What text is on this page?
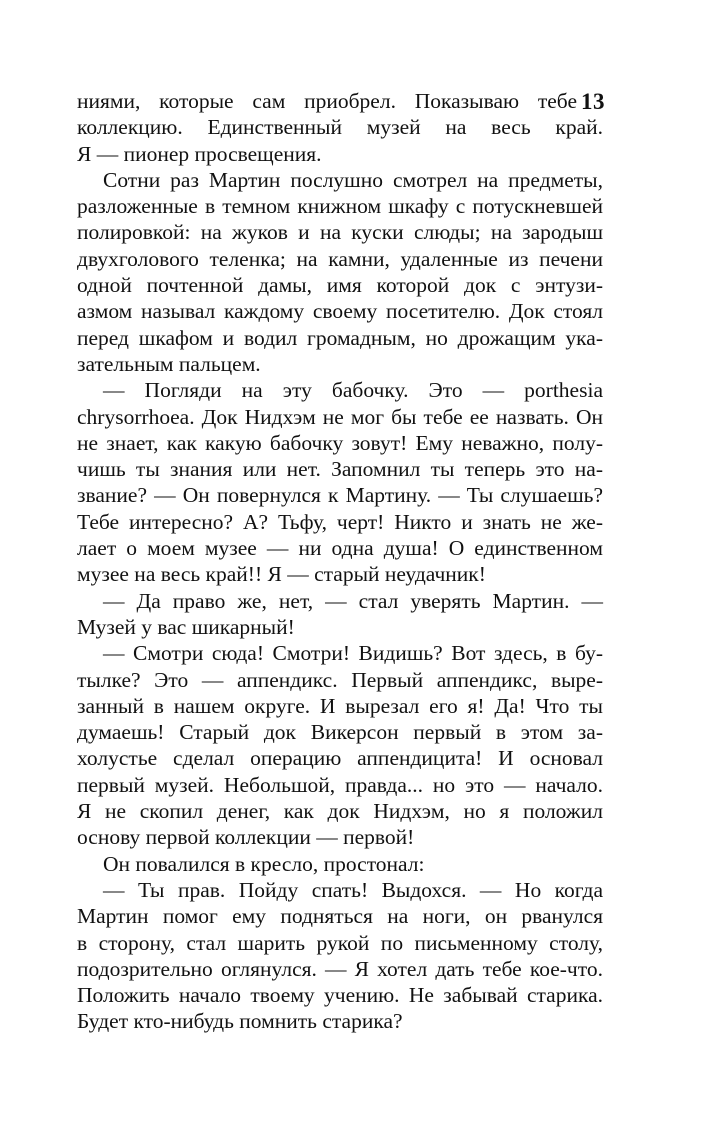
13
ниями, которые сам приобрел. Показываю тебе
коллекцию. Единственный музей на весь край.
Я — пионер просвещения.
Сотни раз Мартин послушно смотрел на предметы,
разложенные в темном книжном шкафу с потускневшей
полировкой: на жуков и на куски слюды; на зародыш
двухголового теленка; на камни, удаленные из печени
одной почтенной дамы, имя которой док с энтузи-
азмом называл каждому своему посетителю. Док стоял
перед шкафом и водил громадным, но дрожащим ука-
зательным пальцем.
— Погляди на эту бабочку. Это — porthesia
chrysorrhoea. Док Нидхэм не мог бы тебе ее назвать. Он
не знает, как какую бабочку зовут! Ему неважно, полу-
чишь ты знания или нет. Запомнил ты теперь это на-
звание? — Он повернулся к Мартину. — Ты слушаешь?
Тебе интересно? А? Тьфу, черт! Никто и знать не же-
лает о моем музее — ни одна душа! О единственном
музее на весь край!! Я — старый неудачник!
— Да право же, нет, — стал уверять Мартин. —
Музей у вас шикарный!
— Смотри сюда! Смотри! Видишь? Вот здесь, в бу-
тылке? Это — аппендикс. Первый аппендикс, выре-
занный в нашем округе. И вырезал его я! Да! Что ты
думаешь! Старый док Викерсон первый в этом за-
холустье сделал операцию аппендицита! И основал
первый музей. Небольшой, правда... но это — начало.
Я не скопил денег, как док Нидхэм, но я положил
основу первой коллекции — первой!
Он повалился в кресло, простонал:
— Ты прав. Пойду спать! Выдохся. — Но когда
Мартин помог ему подняться на ноги, он рванулся
в сторону, стал шарить рукой по письменному столу,
подозрительно оглянулся. — Я хотел дать тебе кое-что.
Положить начало твоему учению. Не забывай старика.
Будет кто-нибудь помнить старика?
